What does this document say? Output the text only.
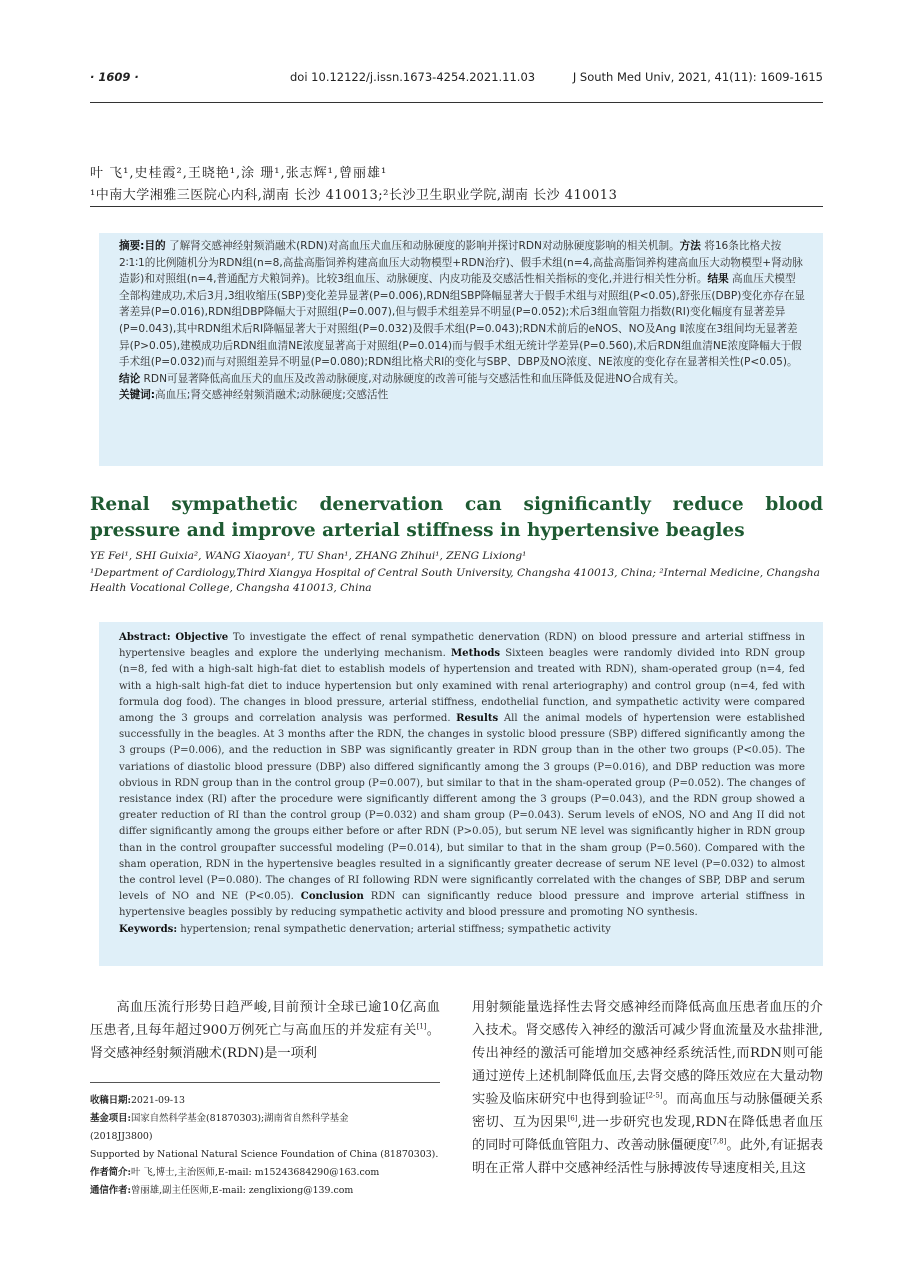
· 1609 ·	doi 10.12122/j.issn.1673-4254.2021.11.03	J South Med Univ, 2021, 41(11): 1609-1615
叶 飞¹,史桂霞²,王晓艳¹,涂 珊¹,张志辉¹,曾丽雄¹
¹中南大学湘雅三医院心内科,湖南 长沙 410013;²长沙卫生职业学院,湖南 长沙 410013
摘要:目的 了解肾交感神经射频消融术(RDN)对高血压犬血压和动脉硬度的影响并探讨RDN对动脉硬度影响的相关机制。方法 将16条比格犬按2∶1∶1的比例随机分为RDN组(n=8,高盐高脂饲养构建高血压大动物模型+RDN治疗)、假手术组(n=4,高盐高脂饲养构建高血压大动物模型+肾动脉造影)和对照组(n=4,普通配方犬粮饲养)。比较3组血压、动脉硬度、内皮功能及交感活性相关指标的变化,并进行相关性分析。结果 高血压犬模型全部构建成功,术后3月,3组收缩压(SBP)变化差异显著(P=0.006),RDN组SBP降幅显著大于假手术组与对照组(P<0.05),舒张压(DBP)变化亦存在显著差异(P=0.016),RDN组DBP降幅大于对照组(P=0.007),但与假手术组差异不明显(P=0.052);术后3组血管阻力指数(RI)变化幅度有显著差异(P=0.043),其中RDN组术后RI降幅显著大于对照组(P=0.032)及假手术组(P=0.043);RDN术前后的eNOS、NO及Ang Ⅱ浓度在3组间均无显著差异(P>0.05),建模成功后RDN组血清NE浓度显著高于对照组(P=0.014)而与假手术组无统计学差异(P=0.560),术后RDN组血清NE浓度降幅大于假手术组(P=0.032)而与对照组差异不明显(P=0.080);RDN组比格犬RI的变化与SBP、DBP及NO浓度、NE浓度的变化存在显著相关性(P<0.05)。结论 RDN可显著降低高血压犬的血压及改善动脉硬度,对动脉硬度的改善可能与交感活性和血压降低及促进NO合成有关。
关键词:高血压;肾交感神经射频消融术;动脉硬度;交感活性
Renal sympathetic denervation can significantly reduce blood pressure and improve arterial stiffness in hypertensive beagles
YE Fei¹, SHI Guixia², WANG Xiaoyan¹, TU Shan¹, ZHANG Zhihui¹, ZENG Lixiong¹
¹Department of Cardiology,Third Xiangya Hospital of Central South University, Changsha 410013, China; ²Internal Medicine, Changsha Health Vocational College, Changsha 410013, China
Abstract: Objective To investigate the effect of renal sympathetic denervation (RDN) on blood pressure and arterial stiffness in hypertensive beagles and explore the underlying mechanism. Methods Sixteen beagles were randomly divided into RDN group (n=8, fed with a high-salt high-fat diet to establish models of hypertension and treated with RDN), sham-operated group (n=4, fed with a high-salt high-fat diet to induce hypertension but only examined with renal arteriography) and control group (n=4, fed with formula dog food). The changes in blood pressure, arterial stiffness, endothelial function, and sympathetic activity were compared among the 3 groups and correlation analysis was performed. Results All the animal models of hypertension were established successfully in the beagles. At 3 months after the RDN, the changes in systolic blood pressure (SBP) differed significantly among the 3 groups (P=0.006), and the reduction in SBP was significantly greater in RDN group than in the other two groups (P<0.05). The variations of diastolic blood pressure (DBP) also differed significantly among the 3 groups (P=0.016), and DBP reduction was more obvious in RDN group than in the control group (P=0.007), but similar to that in the sham-operated group (P=0.052). The changes of resistance index (RI) after the procedure were significantly different among the 3 groups (P=0.043), and the RDN group showed a greater reduction of RI than the control group (P=0.032) and sham group (P=0.043). Serum levels of eNOS, NO and Ang II did not differ significantly among the groups either before or after RDN (P>0.05), but serum NE level was significantly higher in RDN group than in the control groupafter successful modeling (P=0.014), but similar to that in the sham group (P=0.560). Compared with the sham operation, RDN in the hypertensive beagles resulted in a significantly greater decrease of serum NE level (P=0.032) to almost the control level (P=0.080). The changes of RI following RDN were significantly correlated with the changes of SBP, DBP and serum levels of NO and NE (P<0.05). Conclusion RDN can significantly reduce blood pressure and improve arterial stiffness in hypertensive beagles possibly by reducing sympathetic activity and blood pressure and promoting NO synthesis.
Keywords: hypertension; renal sympathetic denervation; arterial stiffness; sympathetic activity

高血压流行形势日趋严峻,目前预计全球已逾10亿高血压患者,且每年超过900万例死亡与高血压的并发症有关[1]。肾交感神经射频消融术(RDN)是一项利

用射频能量选择性去肾交感神经而降低高血压患者血压的介入技术。肾交感传入神经的激活可减少肾血流量及水盐排泄,传出神经的激活可能增加交感神经系统活性,而RDN则可能通过逆传上述机制降低血压,去肾交感的降压效应在大量动物实验及临床研究中也得到验证[2-5]。而高血压与动脉僵硬关系密切、互为因果[6],进一步研究也发现,RDN在降低患者血压的同时可降低血管阻力、改善动脉僵硬度[7,8]。此外,有证据表明在正常人群中交感神经活性与脉搏波传导速度相关,且这

收稿日期:2021-09-13
基金项目:国家自然科学基金(81870303);湖南省自然科学基金
(2018JJ3800)
Supported by National Natural Science Foundation of China (81870303).
作者简介:叶 飞,博士,主治医师,E-mail: m15243684290@163.com
通信作者:曾丽雄,副主任医师,E-mail: zenglixiong@139.com
